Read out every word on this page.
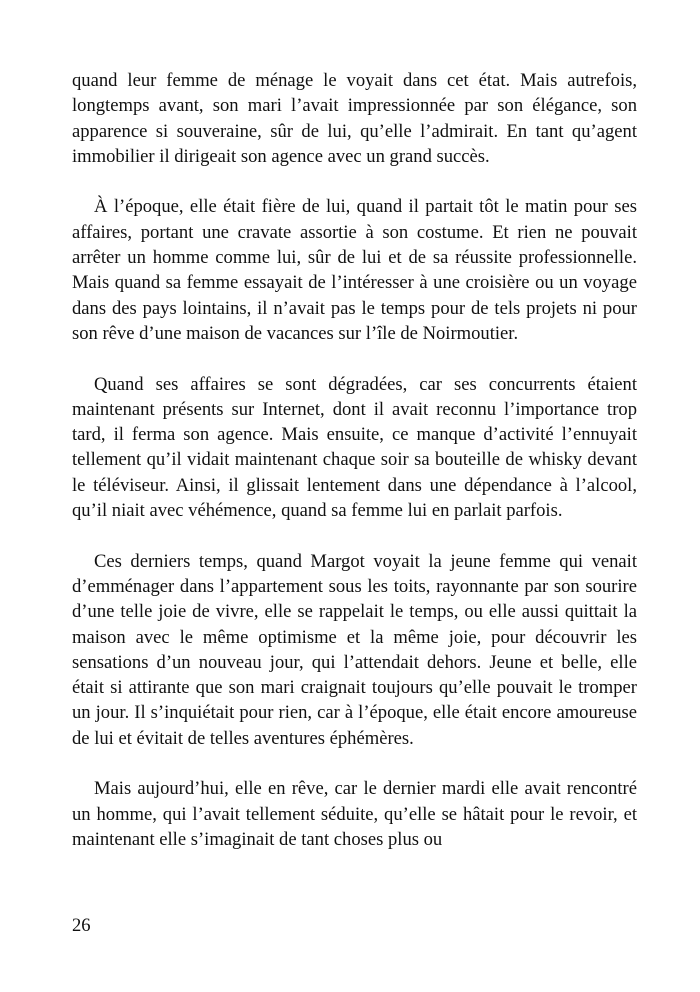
quand leur femme de ménage le voyait dans cet état. Mais autrefois, longtemps avant, son mari l’avait impressionnée par son élégance, son apparence si souveraine, sûr de lui, qu’elle l’admirait. En tant qu’agent immobilier il dirigeait son agence avec un grand succès.

À l’époque, elle était fière de lui, quand il partait tôt le matin pour ses affaires, portant une cravate assortie à son costume. Et rien ne pouvait arrêter un homme comme lui, sûr de lui et de sa réussite professionnelle. Mais quand sa femme essayait de l’intéresser à une croisière ou un voyage dans des pays lointains, il n’avait pas le temps pour de tels projets ni pour son rêve d’une maison de vacances sur l’île de Noirmoutier.

Quand ses affaires se sont dégradées, car ses concurrents étaient maintenant présents sur Internet, dont il avait reconnu l’importance trop tard, il ferma son agence. Mais ensuite, ce manque d’activité l’ennuyait tellement qu’il vidait maintenant chaque soir sa bouteille de whisky devant le téléviseur. Ainsi, il glissait lentement dans une dépendance à l’alcool, qu’il niait avec véhémence, quand sa femme lui en parlait parfois.

Ces derniers temps, quand Margot voyait la jeune femme qui venait d’emménager dans l’appartement sous les toits, rayonnante par son sourire d’une telle joie de vivre, elle se rappelait le temps, ou elle aussi quittait la maison avec le même optimisme et la même joie, pour découvrir les sensations d’un nouveau jour, qui l’attendait dehors. Jeune et belle, elle était si attirante que son mari craignait toujours qu’elle pouvait le tromper un jour. Il s’inquiétait pour rien, car à l’époque, elle était encore amoureuse de lui et évitait de telles aventures éphémères.

Mais aujourd’hui, elle en rêve, car le dernier mardi elle avait rencontré un homme, qui l’avait tellement séduite, qu’elle se hâtait pour le revoir, et maintenant elle s’imaginait de tant choses plus ou

26
